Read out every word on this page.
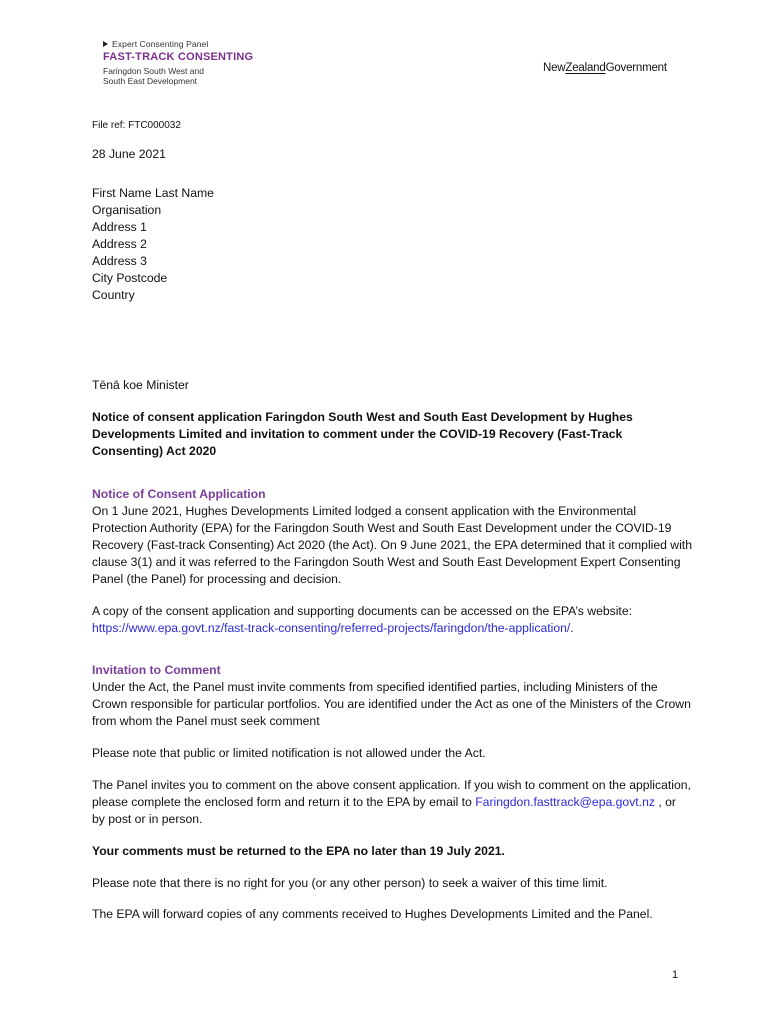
Expert Consenting Panel
FAST-TRACK CONSENTING
Faringdon South West and
South East Development
NewZealandGovernment

File ref: FTC000032

28 June 2021

First Name Last Name
Organisation
Address 1
Address 2
Address 3
City Postcode
Country

Tēnā koe Minister

Notice of consent application Faringdon South West and South East Development by Hughes Developments Limited and invitation to comment under the COVID-19 Recovery (Fast-Track Consenting) Act 2020

Notice of Consent Application

On 1 June 2021, Hughes Developments Limited lodged a consent application with the Environmental Protection Authority (EPA) for the Faringdon South West and South East Development under the COVID-19 Recovery (Fast-track Consenting) Act 2020 (the Act). On 9 June 2021, the EPA determined that it complied with clause 3(1) and it was referred to the Faringdon South West and South East Development Expert Consenting Panel (the Panel) for processing and decision.

A copy of the consent application and supporting documents can be accessed on the EPA’s website:
https://www.epa.govt.nz/fast-track-consenting/referred-projects/faringdon/the-application/.

Invitation to Comment

Under the Act, the Panel must invite comments from specified identified parties, including Ministers of the Crown responsible for particular portfolios. You are identified under the Act as one of the Ministers of the Crown from whom the Panel must seek comment

Please note that public or limited notification is not allowed under the Act.

The Panel invites you to comment on the above consent application. If you wish to comment on the application, please complete the enclosed form and return it to the EPA by email to Faringdon.fasttrack@epa.govt.nz , or by post or in person.

Your comments must be returned to the EPA no later than 19 July 2021.

Please note that there is no right for you (or any other person) to seek a waiver of this time limit.

The EPA will forward copies of any comments received to Hughes Developments Limited and the Panel.

1
